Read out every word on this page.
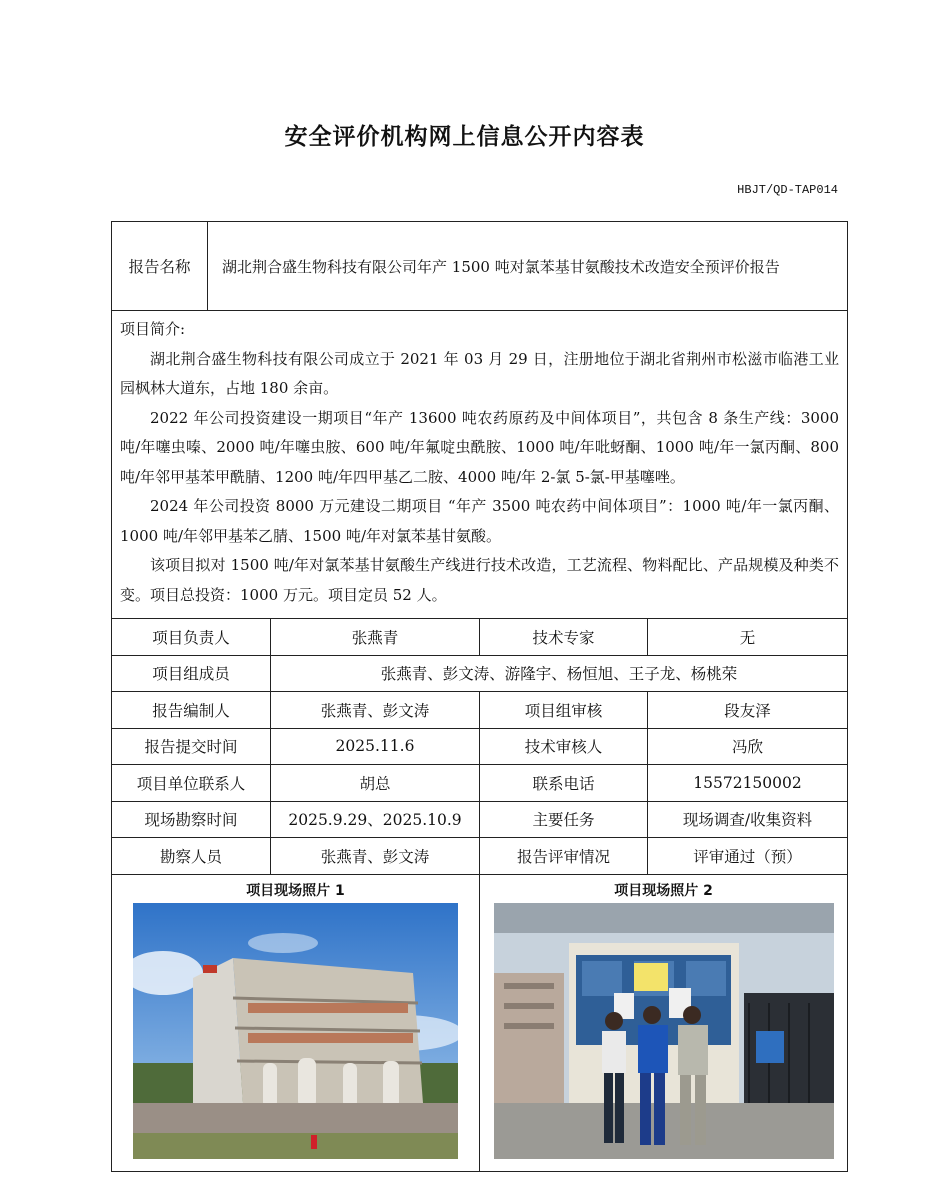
安全评价机构网上信息公开内容表
HBJT/QD-TAP014
报告名称	湖北荆合盛生物科技有限公司年产 1500 吨对氯苯基甘氨酸技术改造安全预评价报告			

项目简介:

湖北荆合盛生物科技有限公司成立于 2021 年 03 月 29 日，注册地位于湖北省荆州市松滋市临港工业园枫林大道东，占地 180 余亩。

2022 年公司投资建设一期项目“年产 13600 吨农药原药及中间体项目”，共包含 8 条生产线：3000 吨/年噻虫嗪、2000 吨/年噻虫胺、600 吨/年氟啶虫酰胺、1000 吨/年吡蚜酮、1000 吨/年一氯丙酮、800 吨/年邻甲基苯甲酰腈、1200 吨/年四甲基乙二胺、4000 吨/年 2-氯 5-氯-甲基噻唑。

2024 年公司投资 8000 万元建设二期项目 “年产 3500 吨农药中间体项目”：1000 吨/年一氯丙酮、1000 吨/年邻甲基苯乙腈、1500 吨/年对氯苯基甘氨酸。

该项目拟对 1500 吨/年对氯苯基甘氨酸生产线进行技术改造，工艺流程、物料配比、产品规模及种类不变。项目总投资：1000 万元。项目定员 52 人。				

项目负责人		张燕青	技术专家	无
项目组成员		张燕青、彭文涛、游隆宇、杨恒旭、王子龙、杨桃荣		
报告编制人		张燕青、彭文涛	项目组审核	段友泽
报告提交时间		2025.11.6	技术审核人	冯欣
项目单位联系人		胡总	联系电话	15572150002
现场勘察时间		2025.9.29、2025.10.9	主要任务	现场调查/收集资料
勘察人员		张燕青、彭文涛	报告评审情况	评审通过（预）

项目现场照片 1			项目现场照片 2	
